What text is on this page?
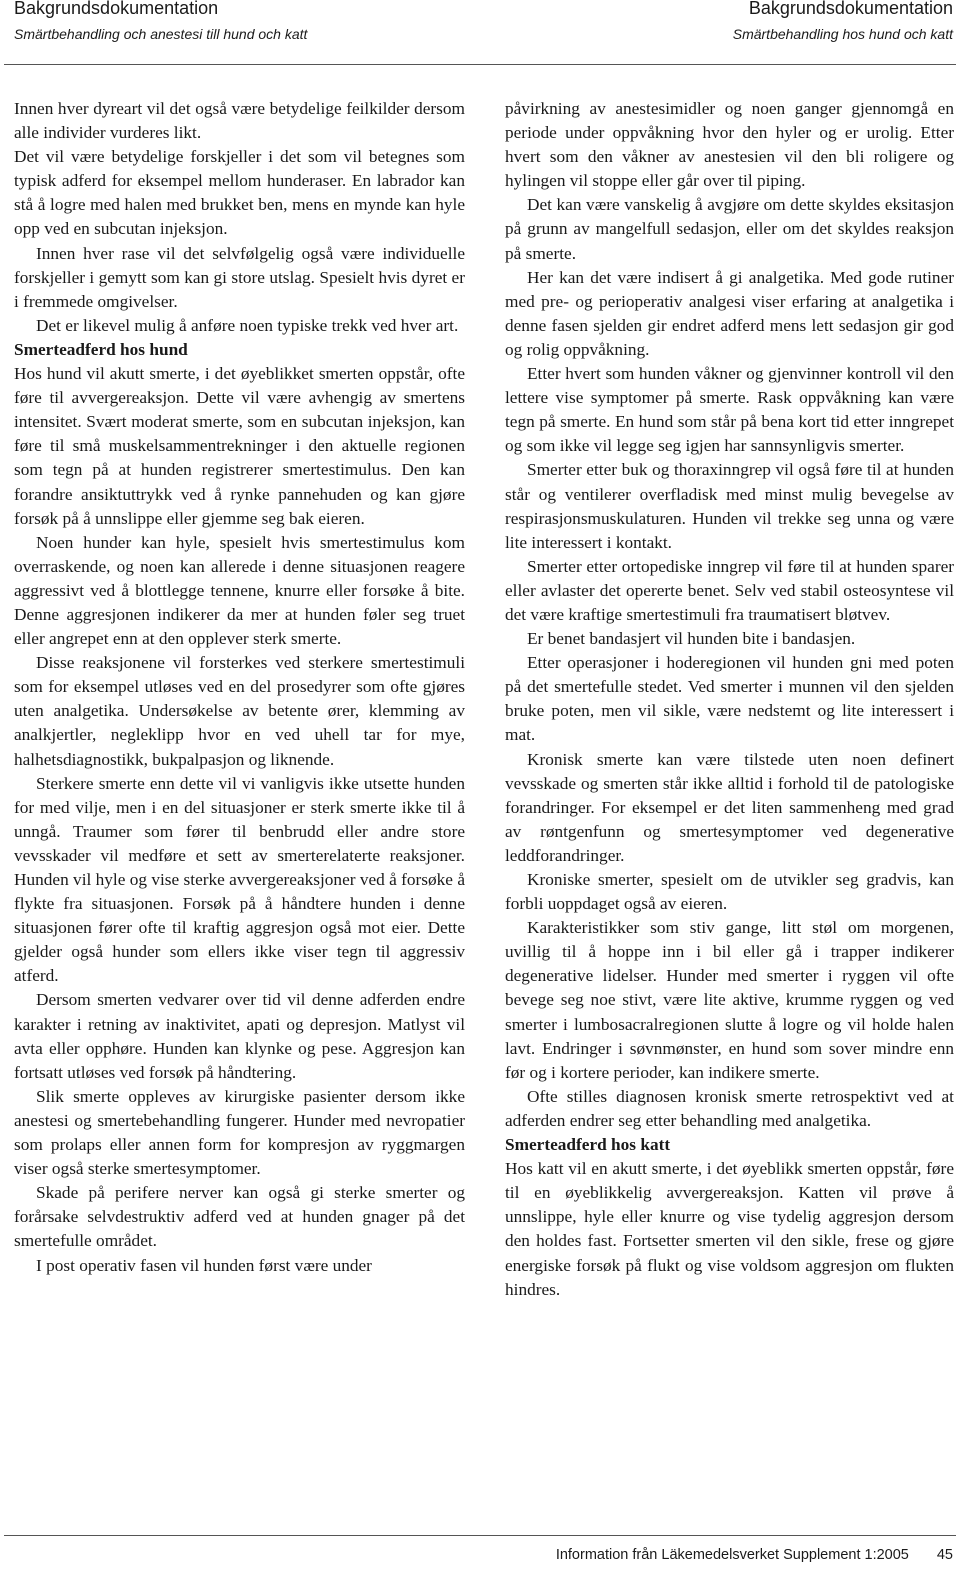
Bakgrundsdokumentation
Smärtbehandling och anestesi till hund och katt
Bakgrundsdokumentation
Smärtbehandling hos hund och katt

Innen hver dyreart vil det også være betydelige feilkilder dersom alle individer vurderes likt.

Det vil være betydelige forskjeller i det som vil betegnes som typisk adferd for eksempel mellom hunderaser. En labrador kan stå å logre med halen med brukket ben, mens en mynde kan hyle opp ved en subcutan injeksjon.

Innen hver rase vil det selvfølgelig også være individuelle forskjeller i gemytt som kan gi store utslag. Spesielt hvis dyret er i fremmede omgivelser.

Det er likevel mulig å anføre noen typiske trekk ved hver art.

Smerteadferd hos hund

Hos hund vil akutt smerte, i det øyeblikket smerten oppstår, ofte føre til avvergereaksjon. Dette vil være avhengig av smertens intensitet. Svært moderat smerte, som en subcutan injeksjon, kan føre til små muskelsammentrekninger i den aktuelle regionen som tegn på at hunden registrerer smertestimulus. Den kan forandre ansiktuttrykk ved å rynke pannehuden og kan gjøre forsøk på å unnslippe eller gjemme seg bak eieren.

Noen hunder kan hyle, spesielt hvis smertestimulus kom overraskende, og noen kan allerede i denne situasjonen reagere aggressivt ved å blottlegge tennene, knurre eller forsøke å bite. Denne aggresjonen indikerer da mer at hunden føler seg truet eller angrepet enn at den opplever sterk smerte.

Disse reaksjonene vil forsterkes ved sterkere smertestimuli som for eksempel utløses ved en del prosedyrer som ofte gjøres uten analgetika. Undersøkelse av betente ører, klemming av analkjertler, negleklipp hvor en ved uhell tar for mye, halhetsdiagnostikk, bukpalpasjon og liknende.

Sterkere smerte enn dette vil vi vanligvis ikke utsette hunden for med vilje, men i en del situasjoner er sterk smerte ikke til å unngå. Traumer som fører til benbrudd eller andre store vevsskader vil medføre et sett av smerterelaterte reaksjoner. Hunden vil hyle og vise sterke avvergereaksjoner ved å forsøke å flykte fra situasjonen. Forsøk på å håndtere hunden i denne situasjonen fører ofte til kraftig aggresjon også mot eier. Dette gjelder også hunder som ellers ikke viser tegn til aggressiv atferd.

Dersom smerten vedvarer over tid vil denne adferden endre karakter i retning av inaktivitet, apati og depresjon. Matlyst vil avta eller opphøre. Hunden kan klynke og pese. Aggresjon kan fortsatt utløses ved forsøk på håndtering.

Slik smerte oppleves av kirurgiske pasienter dersom ikke anestesi og smertebehandling fungerer. Hunder med nevropatier som prolaps eller annen form for kompresjon av ryggmargen viser også sterke smertesymptomer.

Skade på perifere nerver kan også gi sterke smerter og forårsake selvdestruktiv adferd ved at hunden gnager på det smertefulle området.

I post operativ fasen vil hunden først være under

påvirkning av anestesimidler og noen ganger gjennomgå en periode under oppvåkning hvor den hyler og er urolig. Etter hvert som den våkner av anestesien vil den bli roligere og hylingen vil stoppe eller går over til piping.

Det kan være vanskelig å avgjøre om dette skyldes eksitasjon på grunn av mangelfull sedasjon, eller om det skyldes reaksjon på smerte.

Her kan det være indisert å gi analgetika. Med gode rutiner med pre- og perioperativ analgesi viser erfaring at analgetika i denne fasen sjelden gir endret adferd mens lett sedasjon gir god og rolig oppvåkning.

Etter hvert som hunden våkner og gjenvinner kontroll vil den lettere vise symptomer på smerte. Rask oppvåkning kan være tegn på smerte. En hund som står på bena kort tid etter inngrepet og som ikke vil legge seg igjen har sannsynligvis smerter.

Smerter etter buk og thoraxinngrep vil også føre til at hunden står og ventilerer overfladisk med minst mulig bevegelse av respirasjonsmuskulaturen. Hunden vil trekke seg unna og være lite interessert i kontakt.

Smerter etter ortopediske inngrep vil føre til at hunden sparer eller avlaster det opererte benet. Selv ved stabil osteosyntese vil det være kraftige smertestimuli fra traumatisert bløtvev.

Er benet bandasjert vil hunden bite i bandasjen.

Etter operasjoner i hoderegionen vil hunden gni med poten på det smertefulle stedet. Ved smerter i munnen vil den sjelden bruke poten, men vil sikle, være nedstemt og lite interessert i mat.

Kronisk smerte kan være tilstede uten noen definert vevsskade og smerten står ikke alltid i forhold til de patologiske forandringer. For eksempel er det liten sammenheng med grad av røntgenfunn og smertesymptomer ved degenerative leddforandringer.

Kroniske smerter, spesielt om de utvikler seg gradvis, kan forbli uoppdaget også av eieren.

Karakteristikker som stiv gange, litt støl om morgenen, uvillig til å hoppe inn i bil eller gå i trapper indikerer degenerative lidelser. Hunder med smerter i ryggen vil ofte bevege seg noe stivt, være lite aktive, krumme ryggen og ved smerter i lumbosacralregionen slutte å logre og vil holde halen lavt. Endringer i søvnmønster, en hund som sover mindre enn før og i kortere perioder, kan indikere smerte.

Ofte stilles diagnosen kronisk smerte retrospektivt ved at adferden endrer seg etter behandling med analgetika.

Smerteadferd hos katt

Hos katt vil en akutt smerte, i det øyeblikk smerten oppstår, føre til en øyeblikkelig avvergereaksjon. Katten vil prøve å unnslippe, hyle eller knurre og vise tydelig aggresjon dersom den holdes fast. Fortsetter smerten vil den sikle, frese og gjøre energiske forsøk på flukt og vise voldsom aggresjon om flukten hindres.

Information från Läkemedelsverket Supplement 1:2005 45
